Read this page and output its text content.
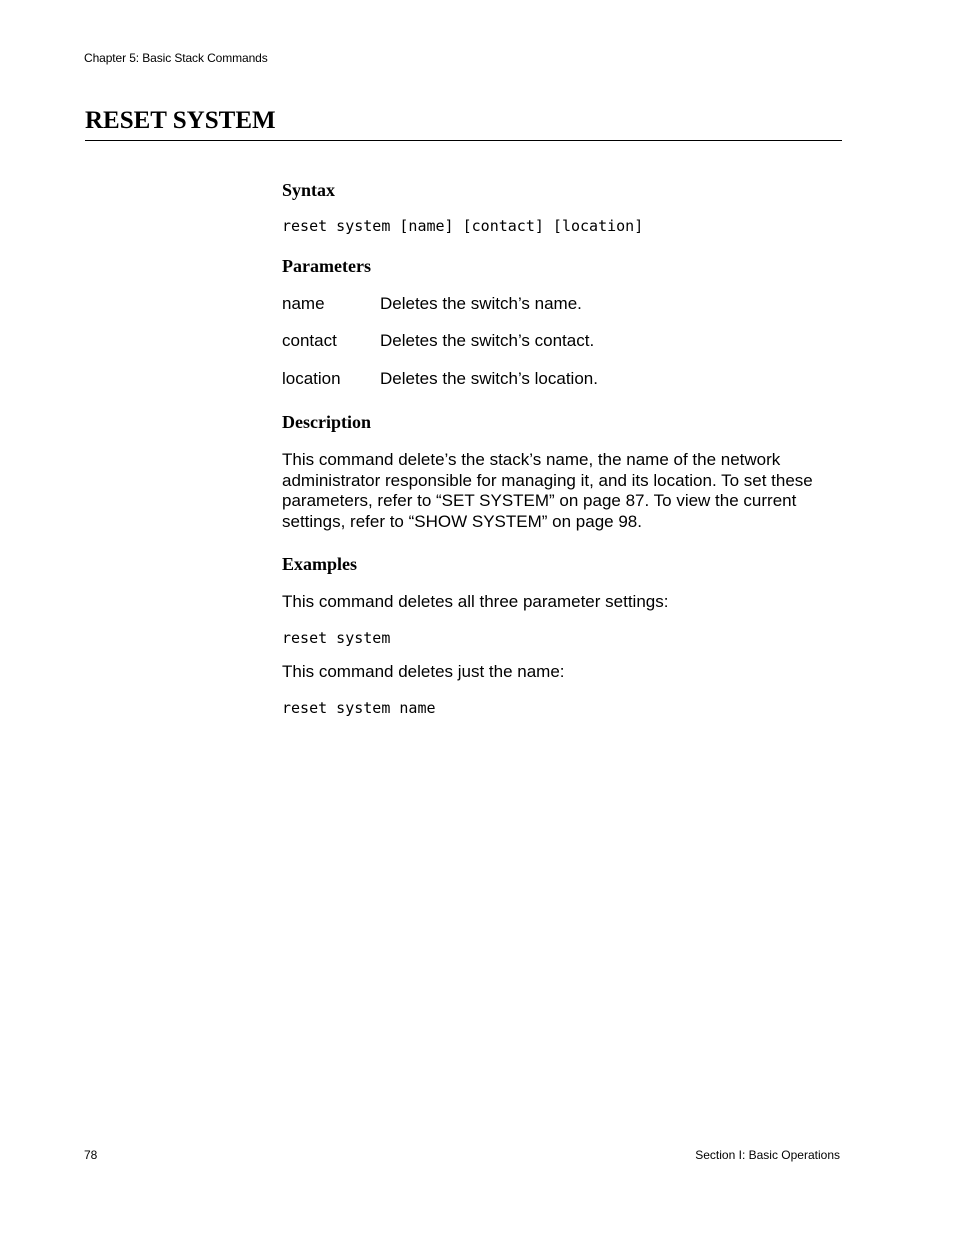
Chapter 5: Basic Stack Commands
RESET SYSTEM
Syntax
reset system [name] [contact] [location]
Parameters
name	Deletes the switch’s name.
contact	Deletes the switch’s contact.
location	Deletes the switch’s location.
Description
This command delete’s the stack’s name, the name of the network administrator responsible for managing it, and its location. To set these parameters, refer to “SET SYSTEM” on page 87. To view the current settings, refer to “SHOW SYSTEM” on page 98.
Examples
This command deletes all three parameter settings:
reset system
This command deletes just the name:
reset system name
78	Section I: Basic Operations
